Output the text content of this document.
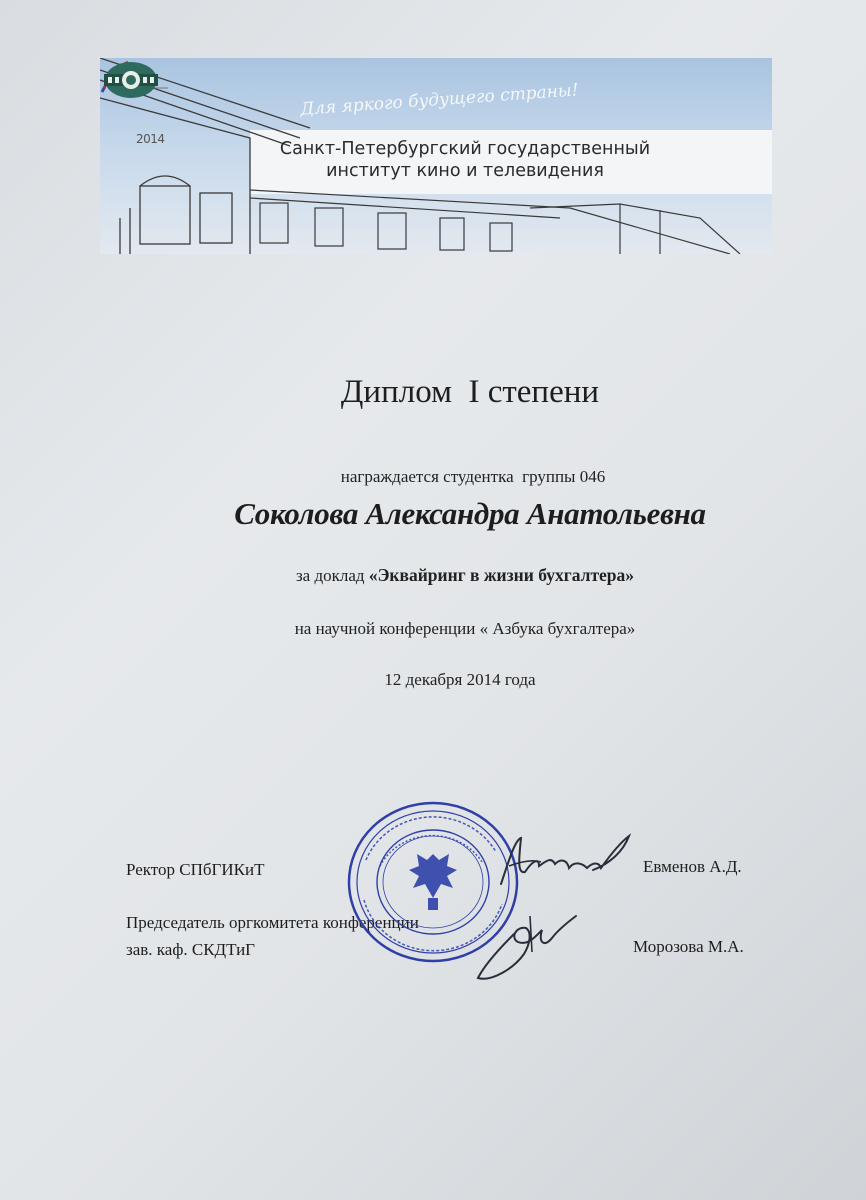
Для яркого будущего страны!
2014	Санкт-Петербургский государственный
институт кино и телевидения
Диплом  I степени
награждается студентка  группы 046
Соколова Александра Анатольевна
за доклад «Эквайринг в жизни бухгалтера»
на научной конференции « Азбука бухгалтера»
12 декабря 2014 года
Ректор СПбГИКиТ	Евменов А.Д.
Председатель оргкомитета конференции
зав. каф. СКДТиГ	Морозова М.А.
